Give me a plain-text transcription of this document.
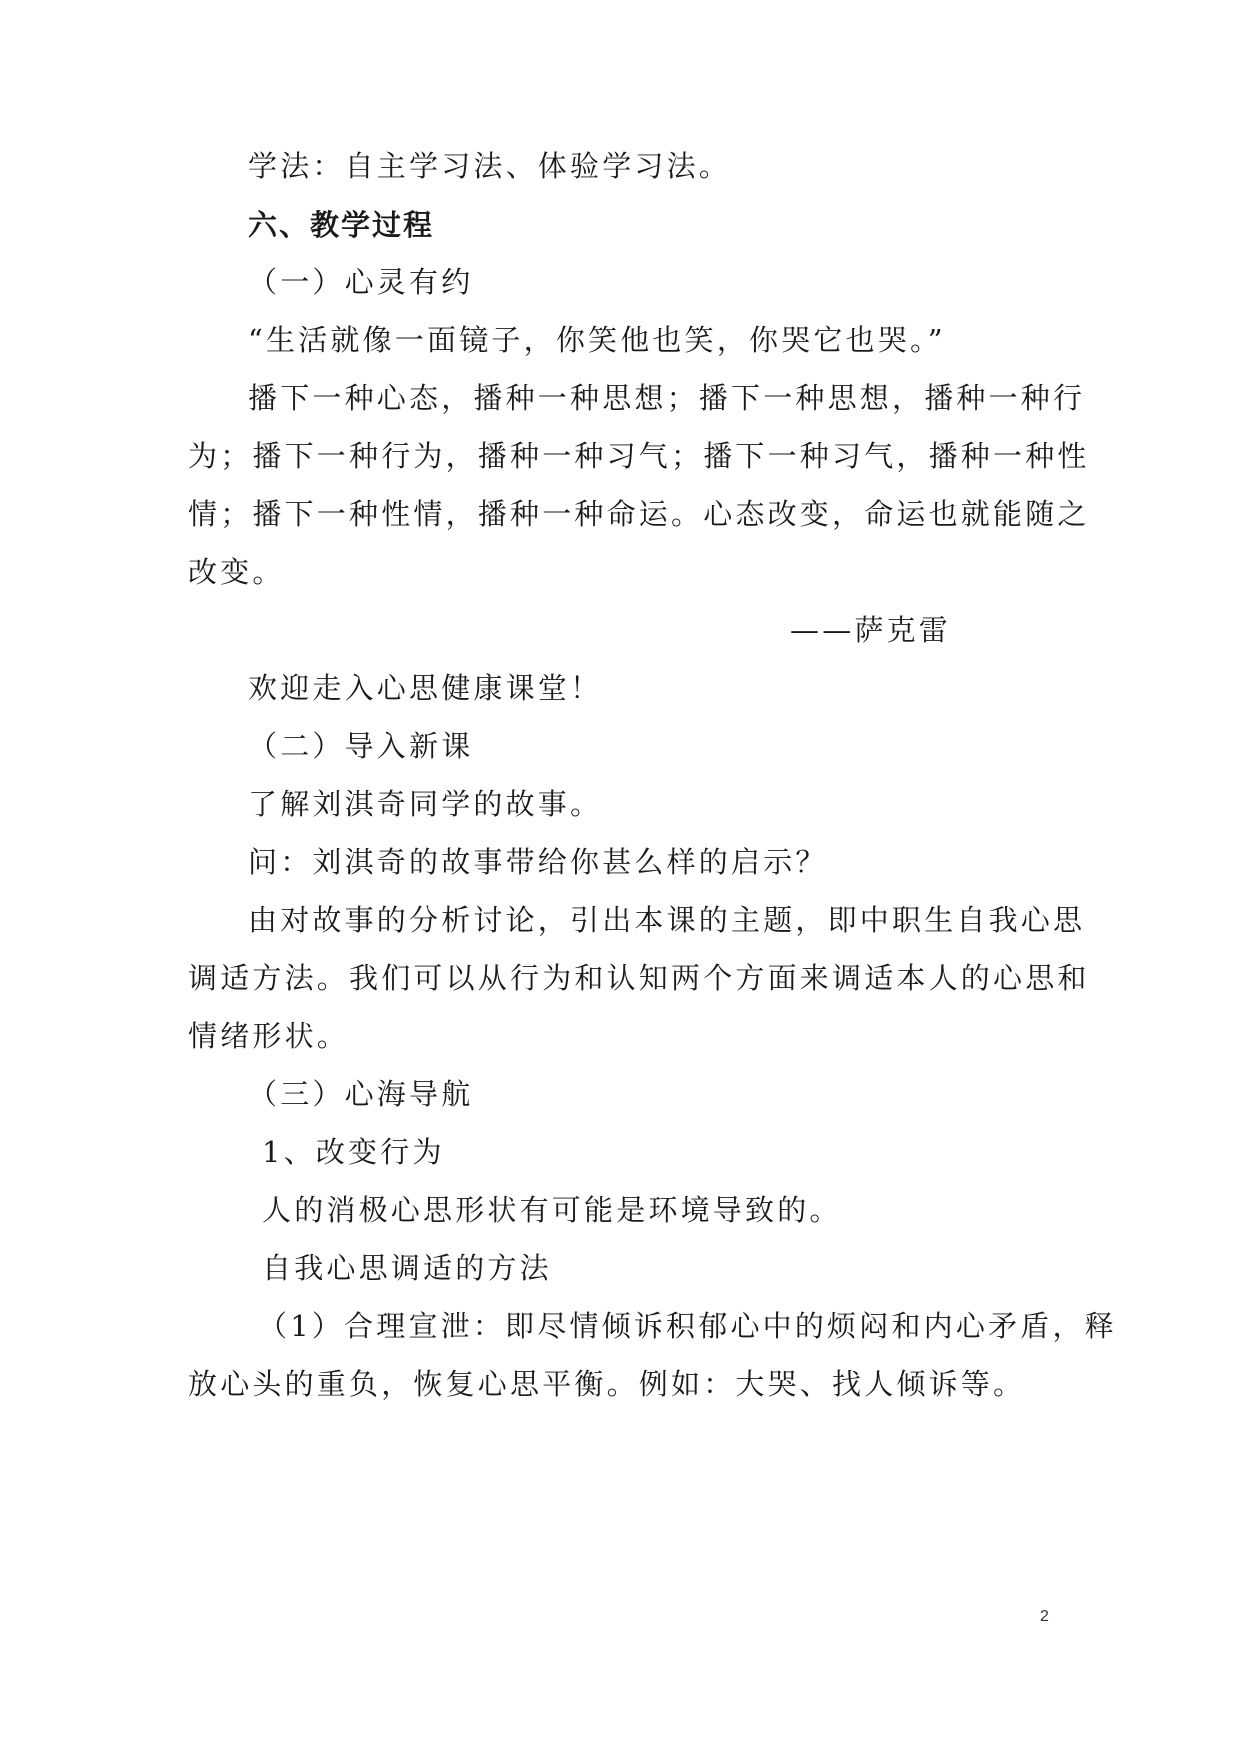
学法：自主学习法、体验学习法。
六、教学过程
（一）心灵有约
“生活就像一面镜子，你笑他也笑，你哭它也哭。”
播下一种心态，播种一种思想；播下一种思想，播种一种行
为；播下一种行为，播种一种习气；播下一种习气，播种一种性
情；播下一种性情，播种一种命运。心态改变，命运也就能随之
改变。
——萨克雷
欢迎走入心思健康课堂！
（二）导入新课
了解刘淇奇同学的故事。
问：刘淇奇的故事带给你甚么样的启示？
由对故事的分析讨论，引出本课的主题，即中职生自我心思
调适方法。我们可以从行为和认知两个方面来调适本人的心思和
情绪形状。
（三）心海导航
1、改变行为
人的消极心思形状有可能是环境导致的。
自我心思调适的方法
（1）合理宣泄：即尽情倾诉积郁心中的烦闷和内心矛盾，释
放心头的重负，恢复心思平衡。例如：大哭、找人倾诉等。
2
